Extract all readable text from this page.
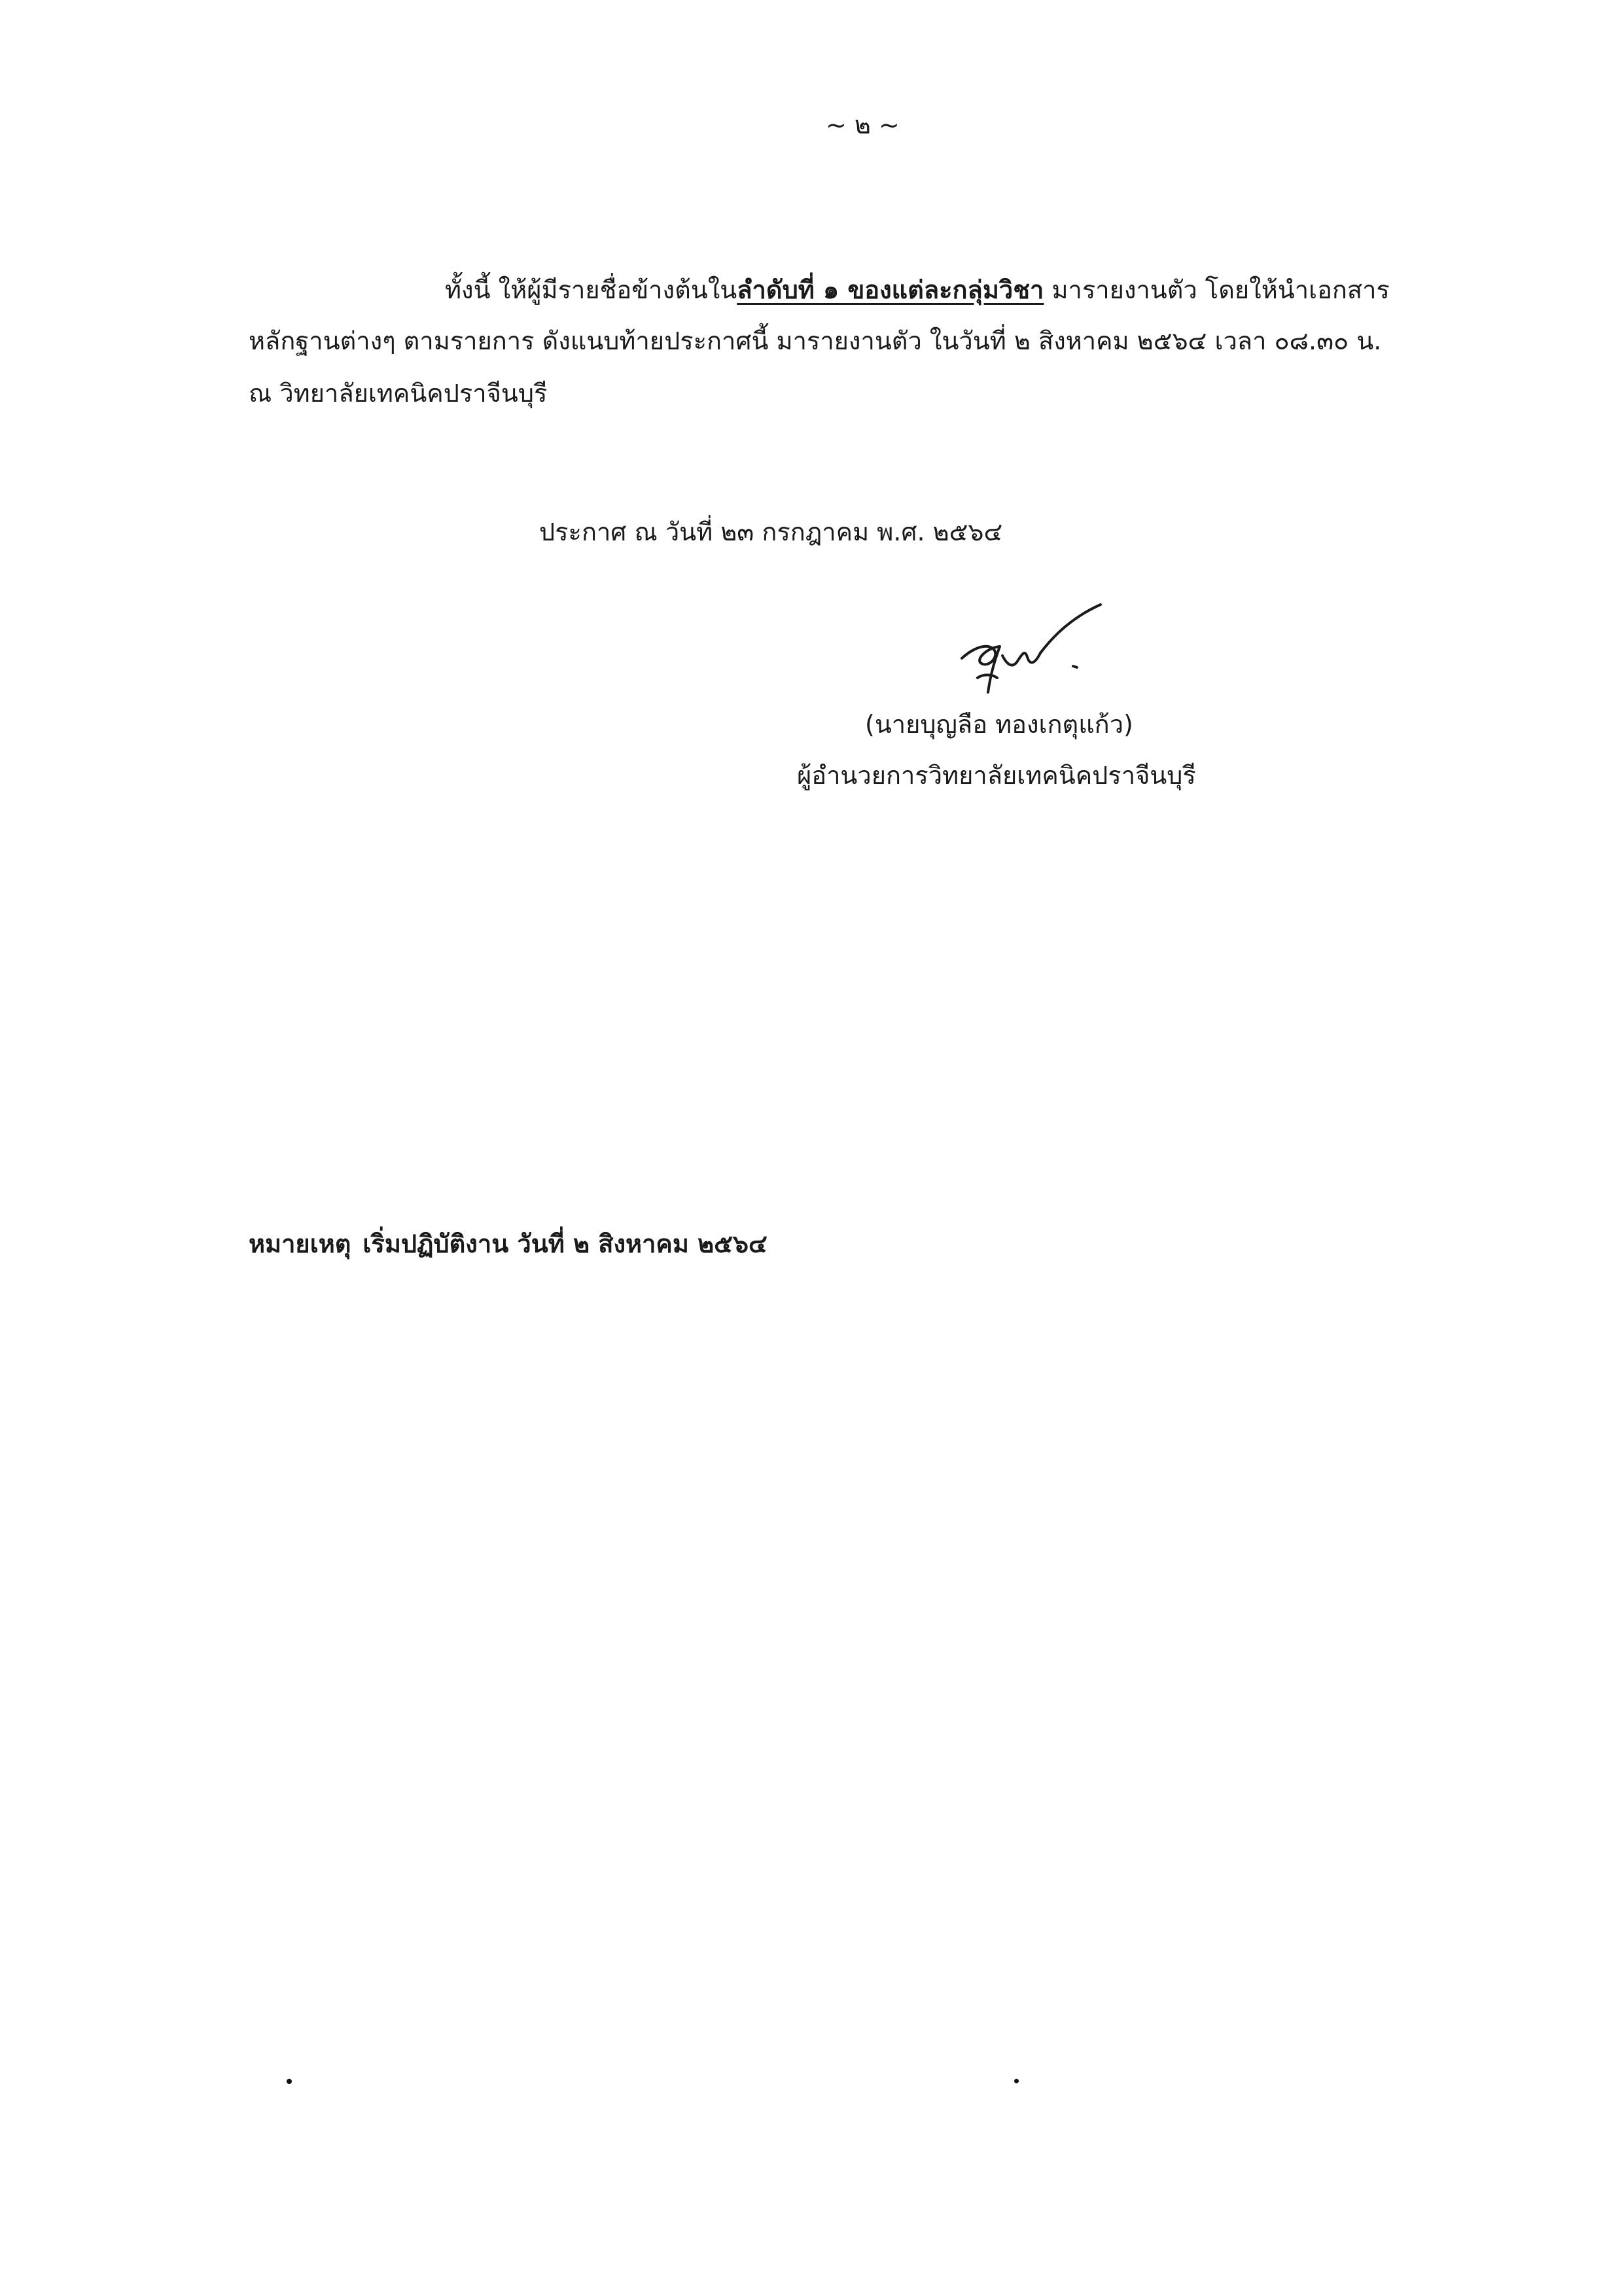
~ ๒ ~

ทั้งนี้ ให้ผู้มีรายชื่อข้างต้นในลำดับที่ ๑ ของแต่ละกลุ่มวิชา มารายงานตัว โดยให้นำเอกสาร

หลักฐานต่างๆ ตามรายการ ดังแนบท้ายประกาศนี้ มารายงานตัว ในวันที่ ๒ สิงหาคม ๒๕๖๔ เวลา ๐๘.๓๐ น.

ณ วิทยาลัยเทคนิคปราจีนบุรี

ประกาศ ณ วันที่ ๒๓ กรกฎาคม พ.ศ. ๒๕๖๔

(นายบุญลือ ทองเกตุแก้ว)

ผู้อำนวยการวิทยาลัยเทคนิคปราจีนบุรี

หมายเหตุ เริ่มปฏิบัติงาน วันที่ ๒ สิงหาคม ๒๕๖๔
